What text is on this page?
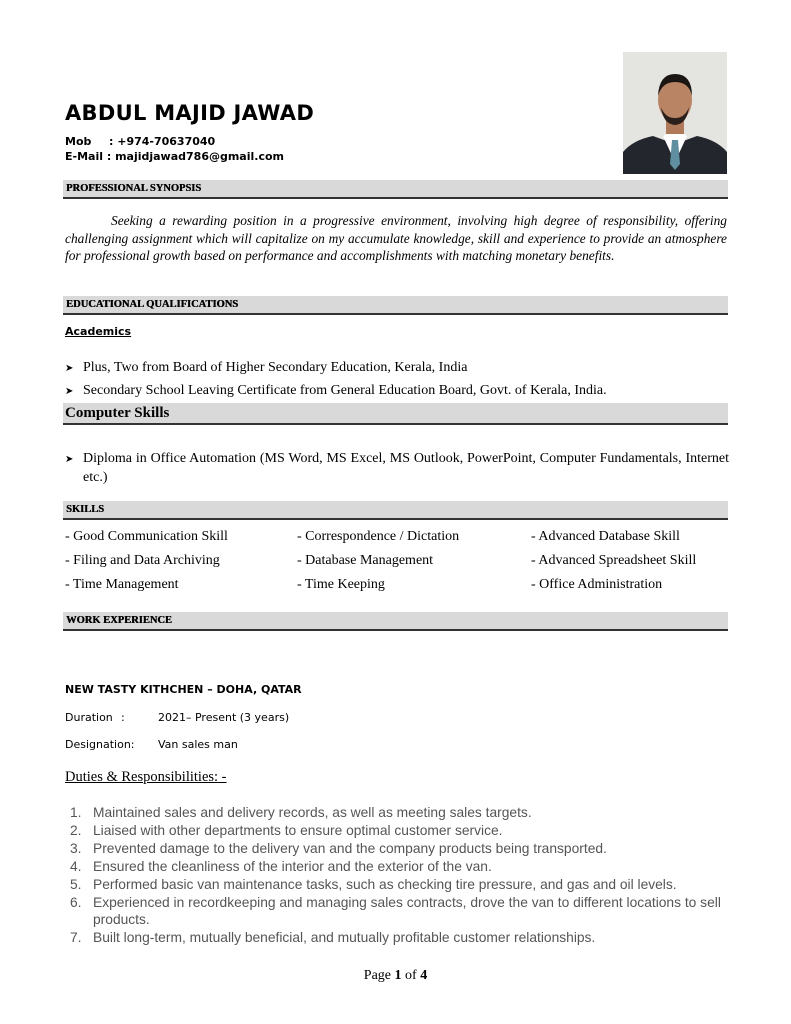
ABDUL MAJID JAWAD
Mob : +974-70637040
E-Mail : majidjawad786@gmail.com
PROFESSIONAL SYNOPSIS

Seeking a rewarding position in a progressive environment, involving high degree of responsibility, offering challenging assignment which will capitalize on my accumulate knowledge, skill and experience to provide an atmosphere for professional growth based on performance and accomplishments with matching monetary benefits.

EDUCATIONAL QUALIFICATIONS
Academics
➤ Plus, Two from Board of Higher Secondary Education, Kerala, India
➤ Secondary School Leaving Certificate from General Education Board, Govt. of Kerala, India.
Computer Skills
➤ Diploma in Office Automation (MS Word, MS Excel, MS Outlook, PowerPoint, Computer Fundamentals, Internet etc.)
SKILLS
- Good Communication Skill	- Correspondence / Dictation	- Advanced Database Skill
- Filing and Data Archiving	- Database Management	- Advanced Spreadsheet Skill
- Time Management	- Time Keeping	- Office Administration
WORK EXPERIENCE
NEW TASTY KITHCHEN – DOHA, QATAR
Duration :	2021– Present (3 years)
Designation: Van sales man
Duties & Responsibilities: -
1. Maintained sales and delivery records, as well as meeting sales targets.
2. Liaised with other departments to ensure optimal customer service.
3. Prevented damage to the delivery van and the company products being transported.
4. Ensured the cleanliness of the interior and the exterior of the van.
5. Performed basic van maintenance tasks, such as checking tire pressure, and gas and oil levels.
6. Experienced in recordkeeping and managing sales contracts, drove the van to different locations to sell products.
7. Built long-term, mutually beneficial, and mutually profitable customer relationships.
Page 1 of 4
